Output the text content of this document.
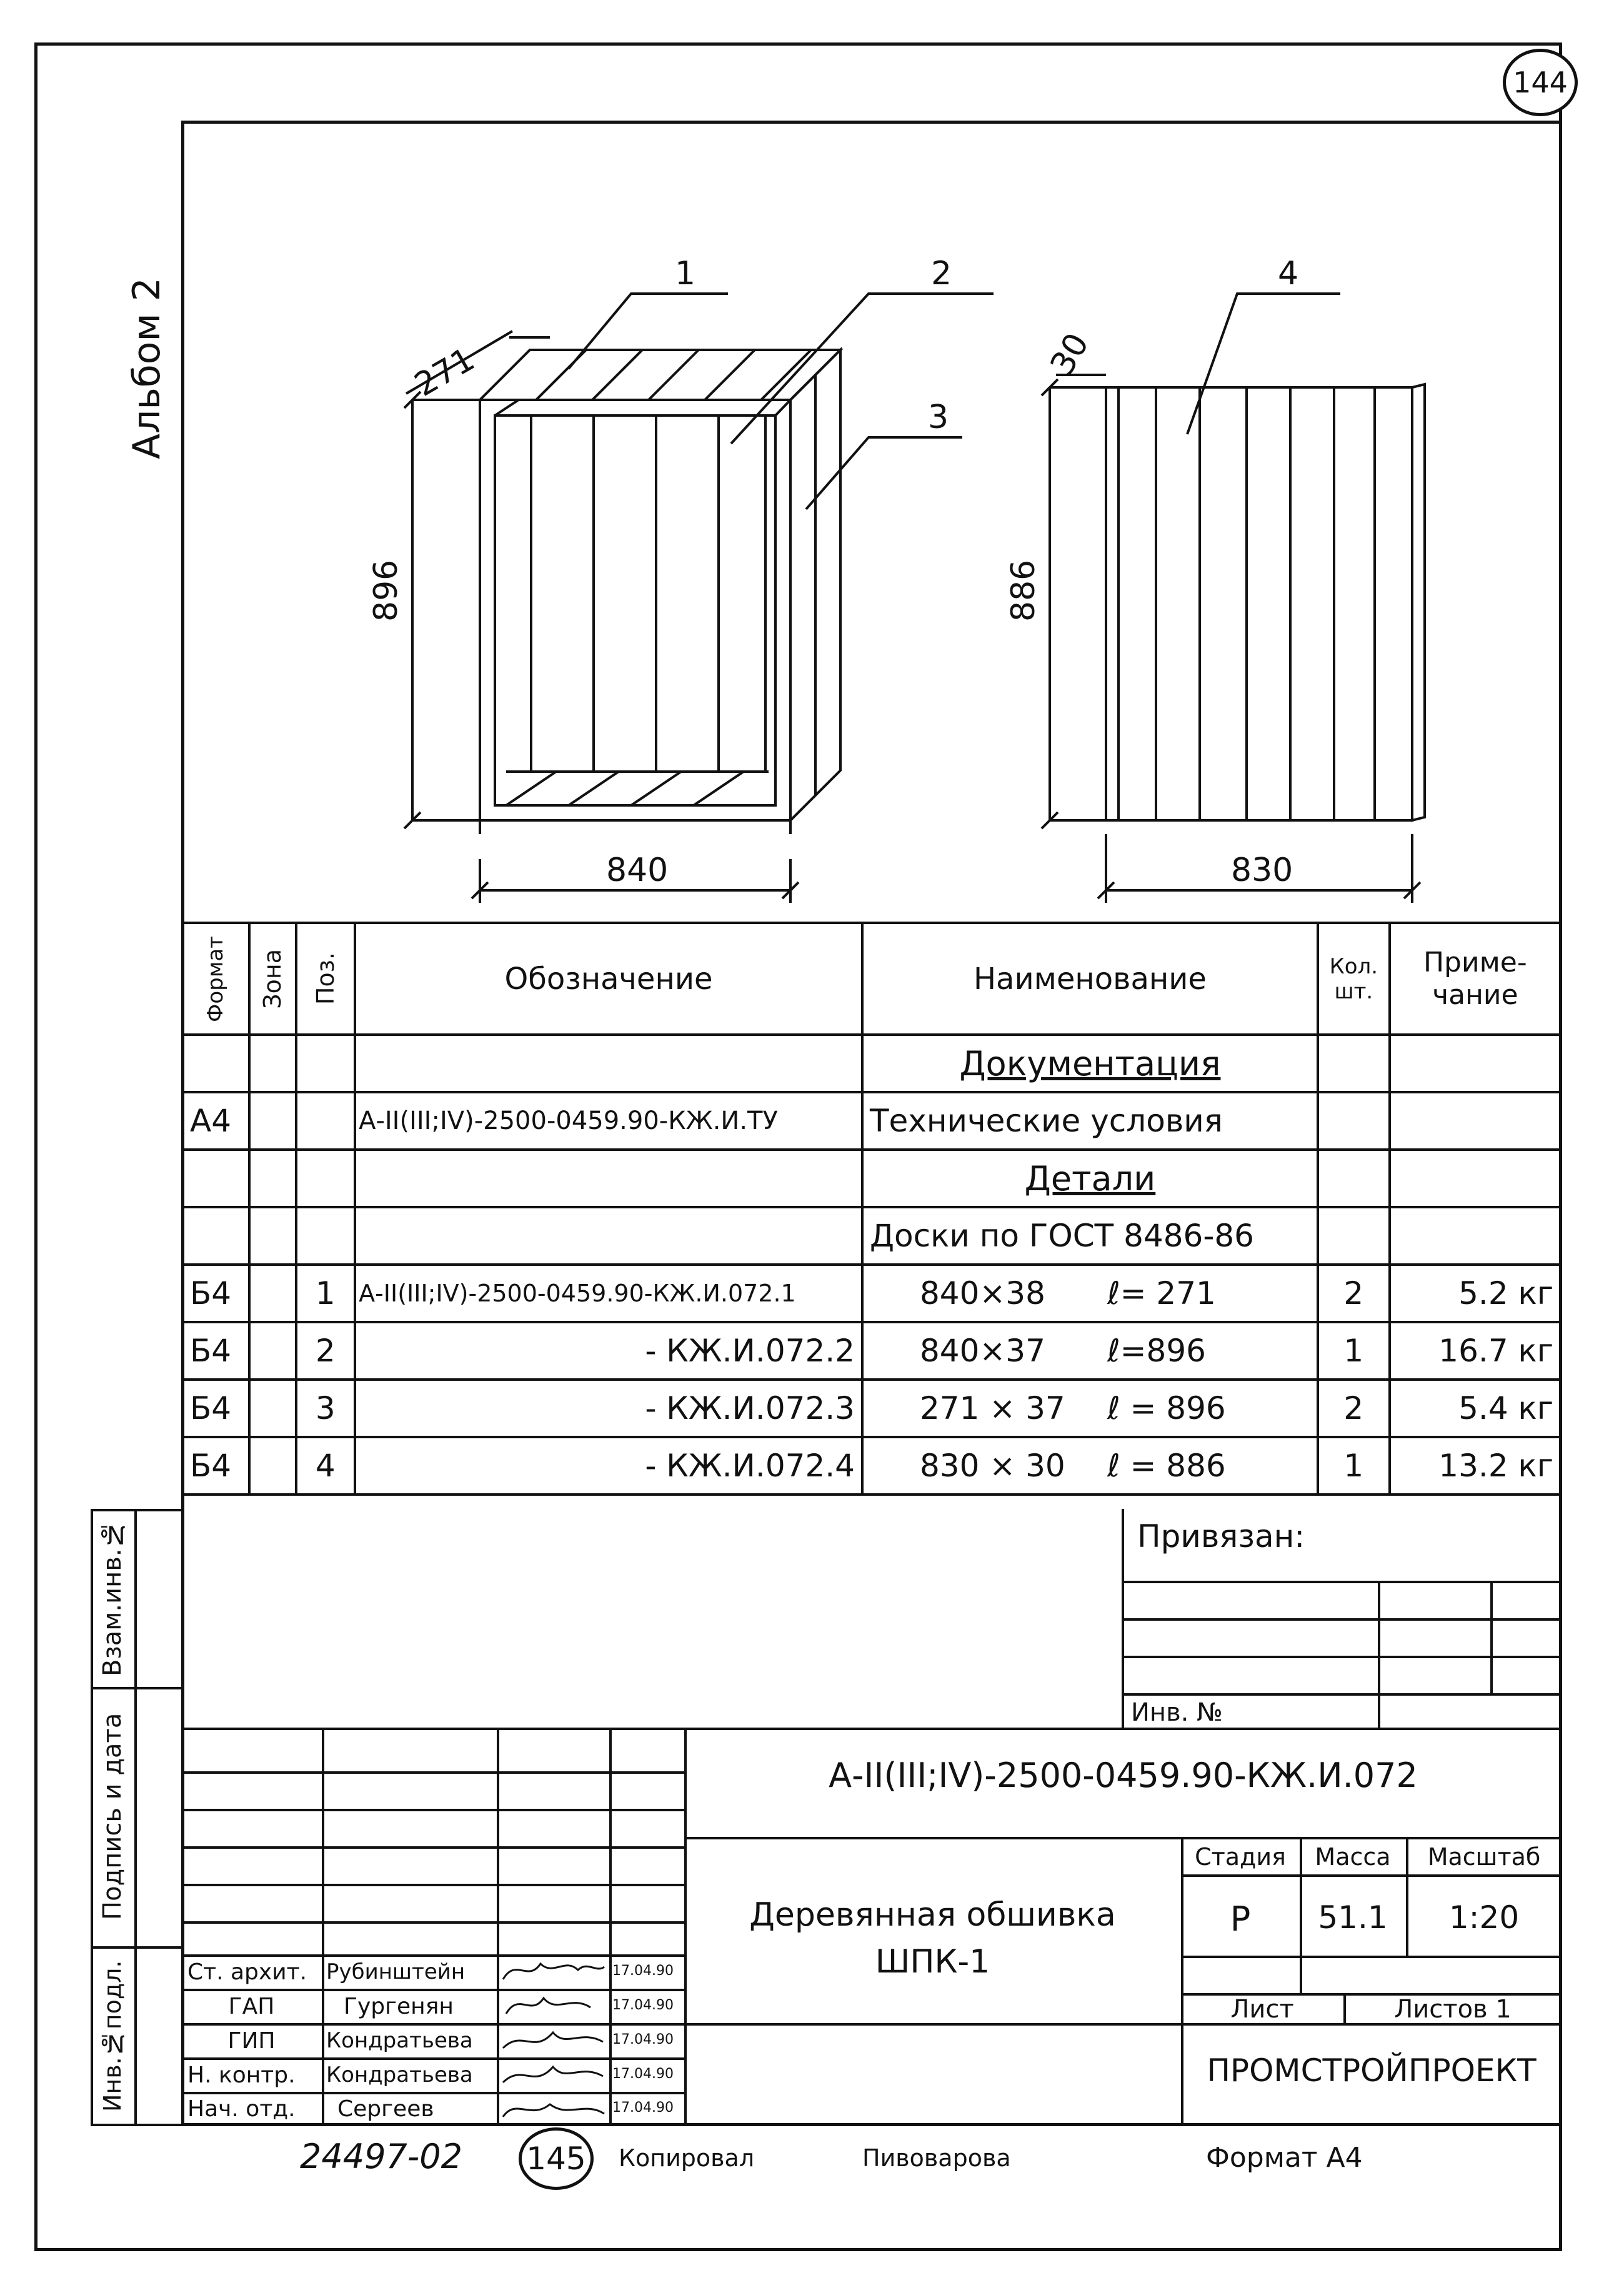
144
Альбом 2
1	2
3
4
271
896
840
30
886
830
Формат	Зона	Поз.	Обозначение	Наименование	Кол. шт.	Приме-чание
				Документация		
А4			А-II(III;IV)-2500-0459.90-КЖ.И.ТУ	Технические условия		
				Детали		
				Доски по ГОСТ 8486-86		
Б4		1	А-II(III;IV)-2500-0459.90-КЖ.И.072.1	840×38 ℓ= 271	2	5.2 кг
Б4		2	- КЖ.И.072.2	840×37 ℓ=896	1	16.7 кг
Б4		3	- КЖ.И.072.3	271 × 37 ℓ = 896	2	5.4 кг
Б4		4	- КЖ.И.072.4	830 × 30 ℓ = 886	1	13.2 кг
Взам.инв.№
Подпись и дата
Инв.№подл.
Привязан:
Инв. №
А-II(III;IV)-2500-0459.90-КЖ.И.072
Деревянная обшивка
ШПК-1
Стадия	Масса	Масштаб
Р	51.1	1:20
Лист	Листов 1
ПРОМСТРОЙПРОЕКТ
Ст. архит. Рубинштейн	17.04.90
ГАП	Гургенян	17.04.90
ГИП	Кондратьева	17.04.90
Н. контр. Кондратьева	17.04.90
Нач. отд. Сергеев	17.04.90
24497-02 145 Копировал	Пивоварова	Формат А4
